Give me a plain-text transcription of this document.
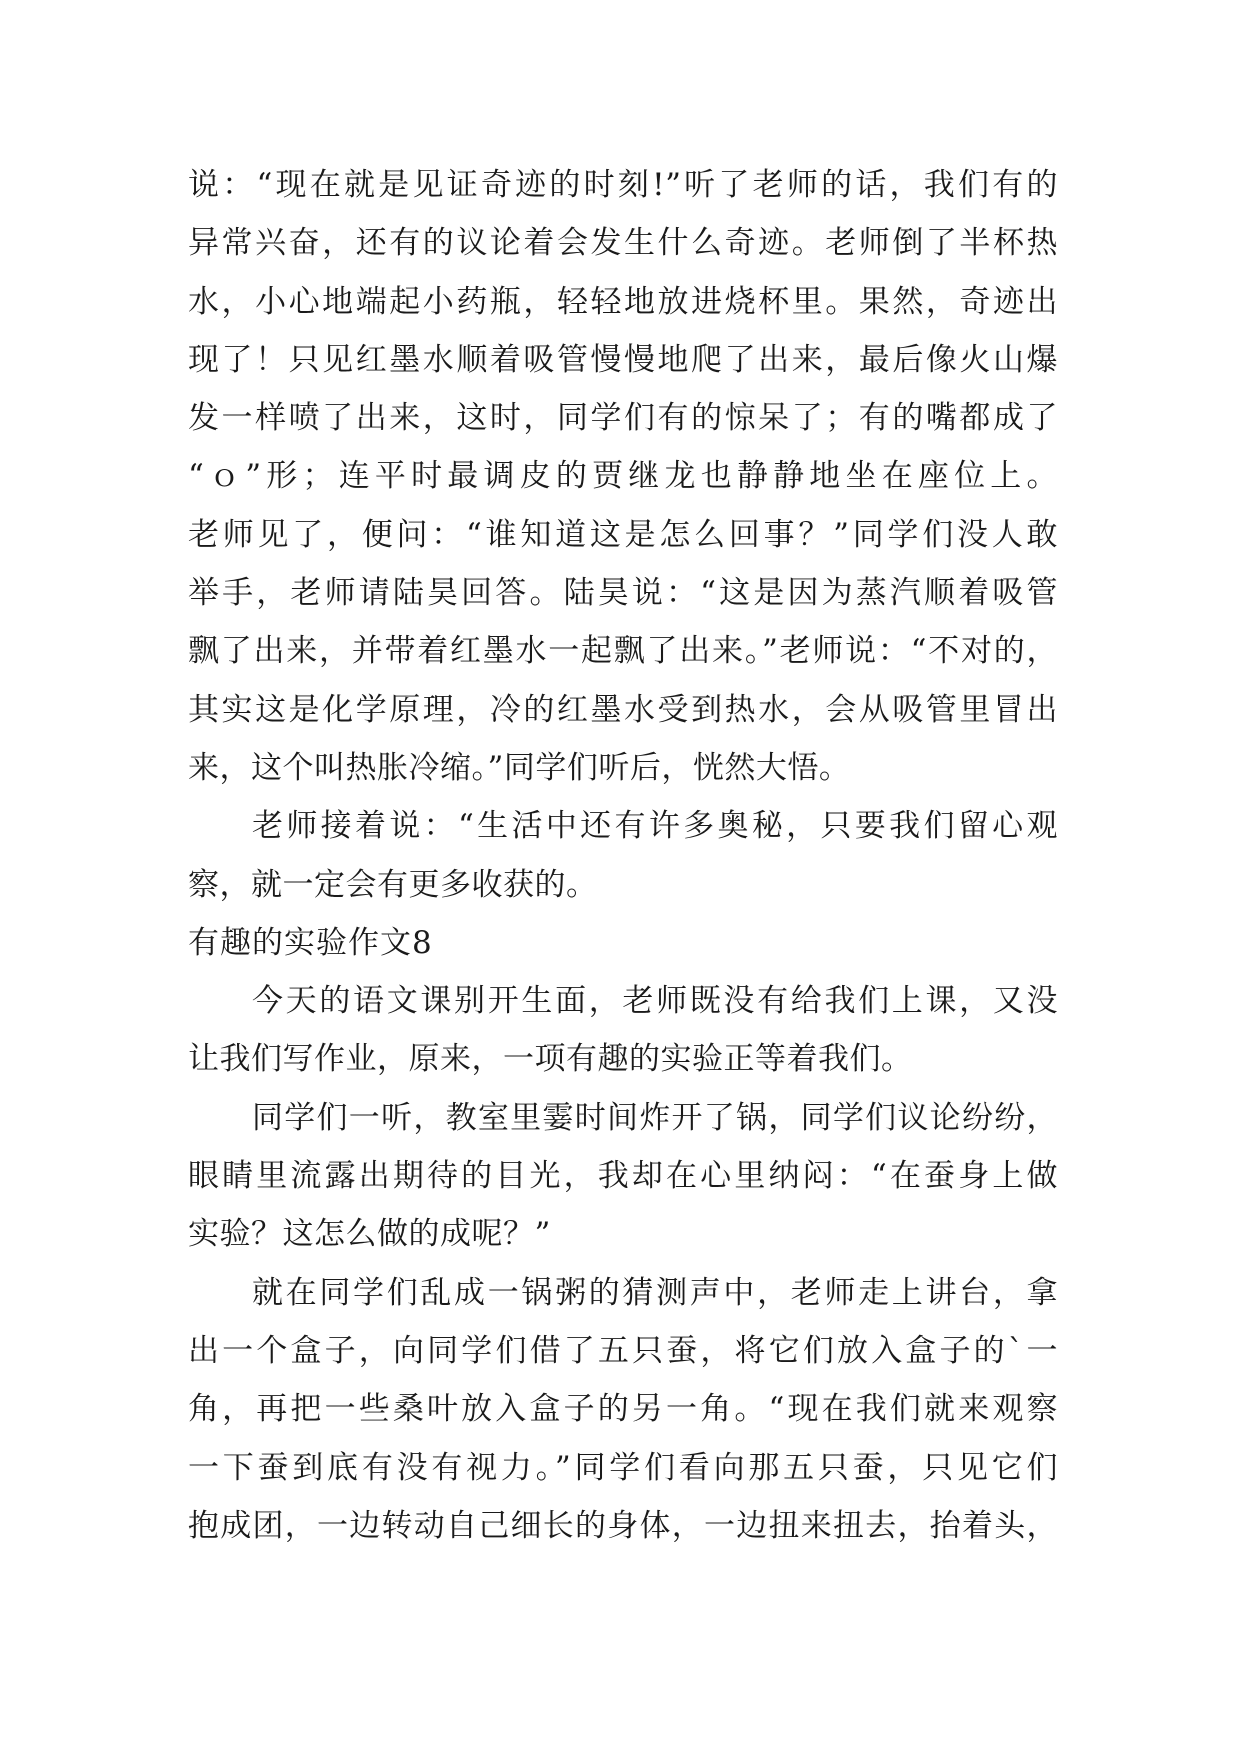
说：“现在就是见证奇迹的时刻!”听了老师的话，我们有的
异常兴奋，还有的议论着会发生什么奇迹。老师倒了半杯热
水，小心地端起小药瓶，轻轻地放进烧杯里。果然，奇迹出
现了！只见红墨水顺着吸管慢慢地爬了出来，最后像火山爆
发一样喷了出来，这时，同学们有的惊呆了；有的嘴都成了
“ｏ”形；连平时最调皮的贾继龙也静静地坐在座位上。
老师见了，便问：“谁知道这是怎么回事？”同学们没人敢
举手，老师请陆昊回答。陆昊说：“这是因为蒸汽顺着吸管
飘了出来，并带着红墨水一起飘了出来。”老师说：“不对的，
其实这是化学原理，冷的红墨水受到热水，会从吸管里冒出
来，这个叫热胀冷缩。”同学们听后，恍然大悟。
老师接着说：“生活中还有许多奥秘，只要我们留心观
察，就一定会有更多收获的。
有趣的实验作文8
今天的语文课别开生面，老师既没有给我们上课，又没
让我们写作业，原来，一项有趣的实验正等着我们。
同学们一听，教室里霎时间炸开了锅，同学们议论纷纷，
眼睛里流露出期待的目光，我却在心里纳闷：“在蚕身上做
实验？这怎么做的成呢？”
就在同学们乱成一锅粥的猜测声中，老师走上讲台，拿
出一个盒子，向同学们借了五只蚕，将它们放入盒子的`一
角，再把一些桑叶放入盒子的另一角。“现在我们就来观察
一下蚕到底有没有视力。”同学们看向那五只蚕，只见它们
抱成团，一边转动自己细长的身体，一边扭来扭去，抬着头，
